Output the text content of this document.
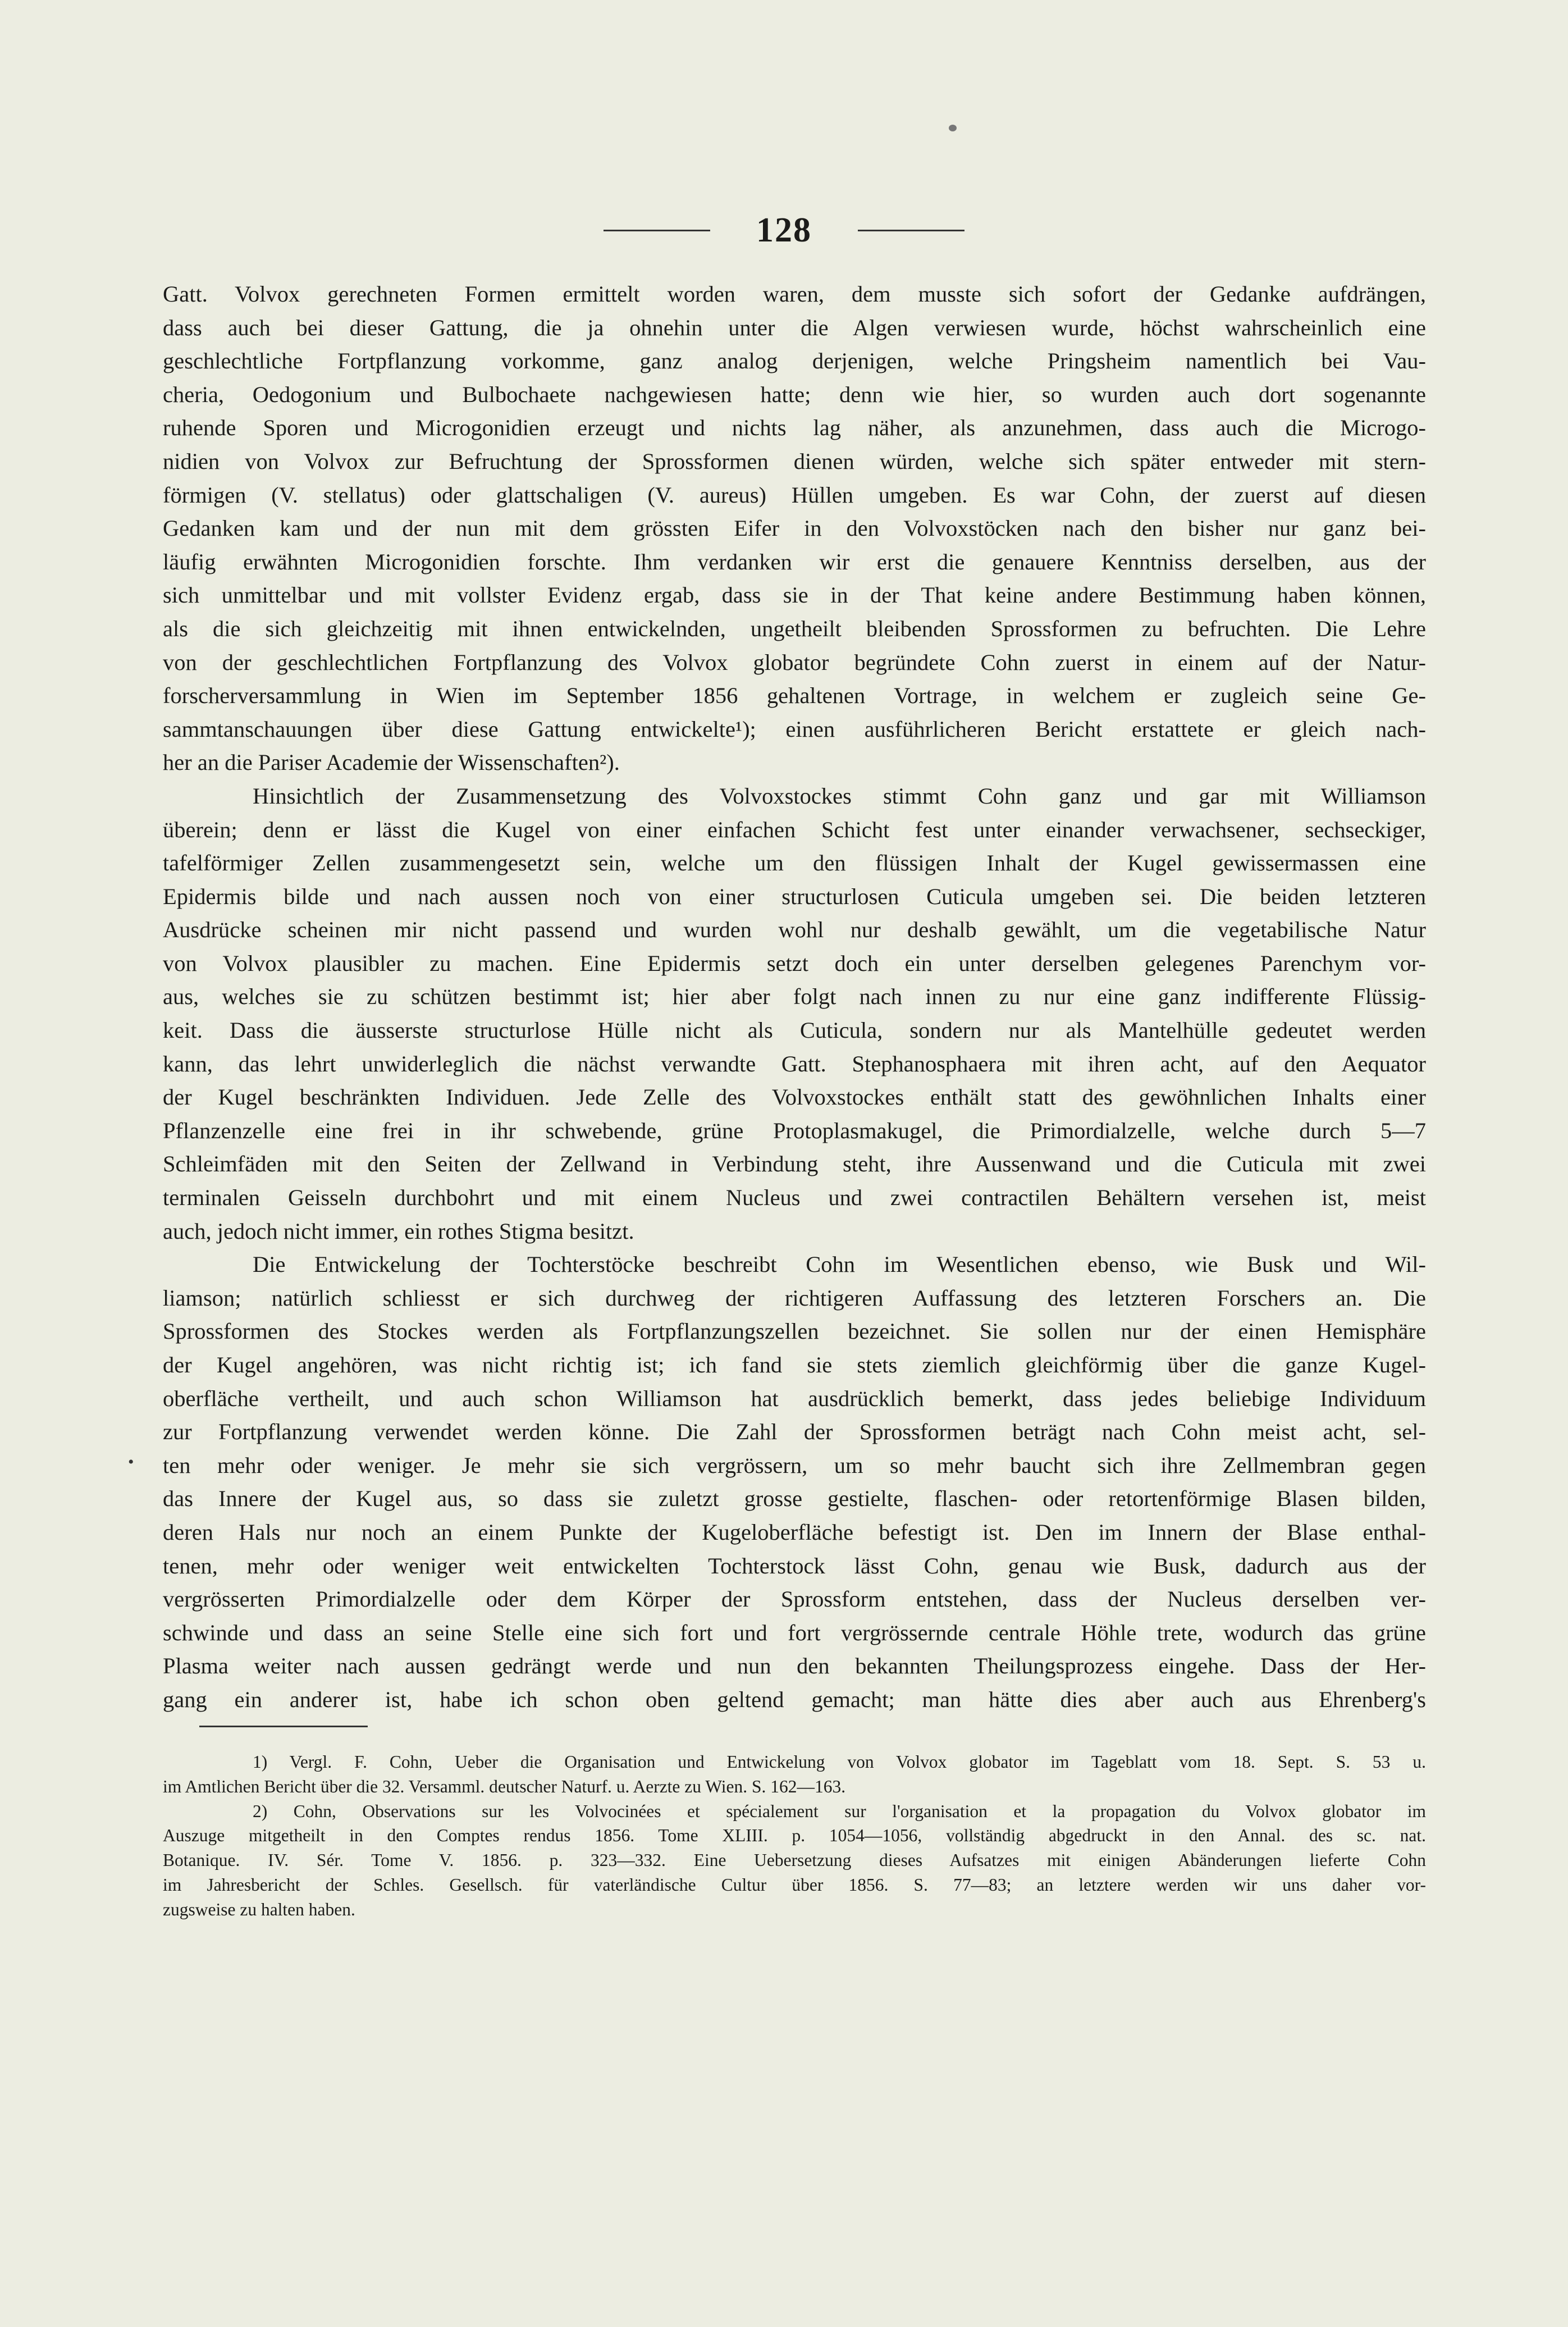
128
•
Gatt. Volvox gerechneten Formen ermittelt worden waren, dem musste sich sofort der Gedanke aufdrängen,
dass auch bei dieser Gattung, die ja ohnehin unter die Algen verwiesen wurde, höchst wahrscheinlich eine
geschlechtliche Fortpflanzung vorkomme, ganz analog derjenigen, welche Pringsheim namentlich bei Vau-
cheria, Oedogonium und Bulbochaete nachgewiesen hatte; denn wie hier, so wurden auch dort sogenannte
ruhende Sporen und Microgonidien erzeugt und nichts lag näher, als anzunehmen, dass auch die Microgo-
nidien von Volvox zur Befruchtung der Sprossformen dienen würden, welche sich später entweder mit stern-
förmigen (V. stellatus) oder glattschaligen (V. aureus) Hüllen umgeben. Es war Cohn, der zuerst auf diesen
Gedanken kam und der nun mit dem grössten Eifer in den Volvoxstöcken nach den bisher nur ganz bei-
läufig erwähnten Microgonidien forschte. Ihm verdanken wir erst die genauere Kenntniss derselben, aus der
sich unmittelbar und mit vollster Evidenz ergab, dass sie in der That keine andere Bestimmung haben können,
als die sich gleichzeitig mit ihnen entwickelnden, ungetheilt bleibenden Sprossformen zu befruchten. Die Lehre
von der geschlechtlichen Fortpflanzung des Volvox globator begründete Cohn zuerst in einem auf der Natur-
forscherversammlung in Wien im September 1856 gehaltenen Vortrage, in welchem er zugleich seine Ge-
sammtanschauungen über diese Gattung entwickelte¹); einen ausführlicheren Bericht erstattete er gleich nach-
her an die Pariser Academie der Wissenschaften²).
Hinsichtlich der Zusammensetzung des Volvoxstockes stimmt Cohn ganz und gar mit Williamson
überein; denn er lässt die Kugel von einer einfachen Schicht fest unter einander verwachsener, sechseckiger,
tafelförmiger Zellen zusammengesetzt sein, welche um den flüssigen Inhalt der Kugel gewissermassen eine
Epidermis bilde und nach aussen noch von einer structurlosen Cuticula umgeben sei. Die beiden letzteren
Ausdrücke scheinen mir nicht passend und wurden wohl nur deshalb gewählt, um die vegetabilische Natur
von Volvox plausibler zu machen. Eine Epidermis setzt doch ein unter derselben gelegenes Parenchym vor-
aus, welches sie zu schützen bestimmt ist; hier aber folgt nach innen zu nur eine ganz indifferente Flüssig-
keit. Dass die äusserste structurlose Hülle nicht als Cuticula, sondern nur als Mantelhülle gedeutet werden
kann, das lehrt unwiderleglich die nächst verwandte Gatt. Stephanosphaera mit ihren acht, auf den Aequator
der Kugel beschränkten Individuen. Jede Zelle des Volvoxstockes enthält statt des gewöhnlichen Inhalts einer
Pflanzenzelle eine frei in ihr schwebende, grüne Protoplasmakugel, die Primordialzelle, welche durch 5—7
Schleimfäden mit den Seiten der Zellwand in Verbindung steht, ihre Aussenwand und die Cuticula mit zwei
terminalen Geisseln durchbohrt und mit einem Nucleus und zwei contractilen Behältern versehen ist, meist
auch, jedoch nicht immer, ein rothes Stigma besitzt.
Die Entwickelung der Tochterstöcke beschreibt Cohn im Wesentlichen ebenso, wie Busk und Wil-
liamson; natürlich schliesst er sich durchweg der richtigeren Auffassung des letzteren Forschers an. Die
Sprossformen des Stockes werden als Fortpflanzungszellen bezeichnet. Sie sollen nur der einen Hemisphäre
der Kugel angehören, was nicht richtig ist; ich fand sie stets ziemlich gleichförmig über die ganze Kugel-
oberfläche vertheilt, und auch schon Williamson hat ausdrücklich bemerkt, dass jedes beliebige Individuum
zur Fortpflanzung verwendet werden könne. Die Zahl der Sprossformen beträgt nach Cohn meist acht, sel-
ten mehr oder weniger. Je mehr sie sich vergrössern, um so mehr baucht sich ihre Zellmembran gegen
das Innere der Kugel aus, so dass sie zuletzt grosse gestielte, flaschen- oder retortenförmige Blasen bilden,
deren Hals nur noch an einem Punkte der Kugeloberfläche befestigt ist. Den im Innern der Blase enthal-
tenen, mehr oder weniger weit entwickelten Tochterstock lässt Cohn, genau wie Busk, dadurch aus der
vergrösserten Primordialzelle oder dem Körper der Sprossform entstehen, dass der Nucleus derselben ver-
schwinde und dass an seine Stelle eine sich fort und fort vergrössernde centrale Höhle trete, wodurch das grüne
Plasma weiter nach aussen gedrängt werde und nun den bekannten Theilungsprozess eingehe. Dass der Her-
gang ein anderer ist, habe ich schon oben geltend gemacht; man hätte dies aber auch aus Ehrenberg's
1) Vergl. F. Cohn, Ueber die Organisation und Entwickelung von Volvox globator im Tageblatt vom 18. Sept. S. 53 u.
im Amtlichen Bericht über die 32. Versamml. deutscher Naturf. u. Aerzte zu Wien. S. 162—163.
2) Cohn, Observations sur les Volvocinées et spécialement sur l'organisation et la propagation du Volvox globator im
Auszuge mitgetheilt in den Comptes rendus 1856. Tome XLIII. p. 1054—1056, vollständig abgedruckt in den Annal. des sc. nat.
Botanique. IV. Sér. Tome V. 1856. p. 323—332. Eine Uebersetzung dieses Aufsatzes mit einigen Abänderungen lieferte Cohn
im Jahresbericht der Schles. Gesellsch. für vaterländische Cultur über 1856. S. 77—83; an letztere werden wir uns daher vor-
zugsweise zu halten haben.
